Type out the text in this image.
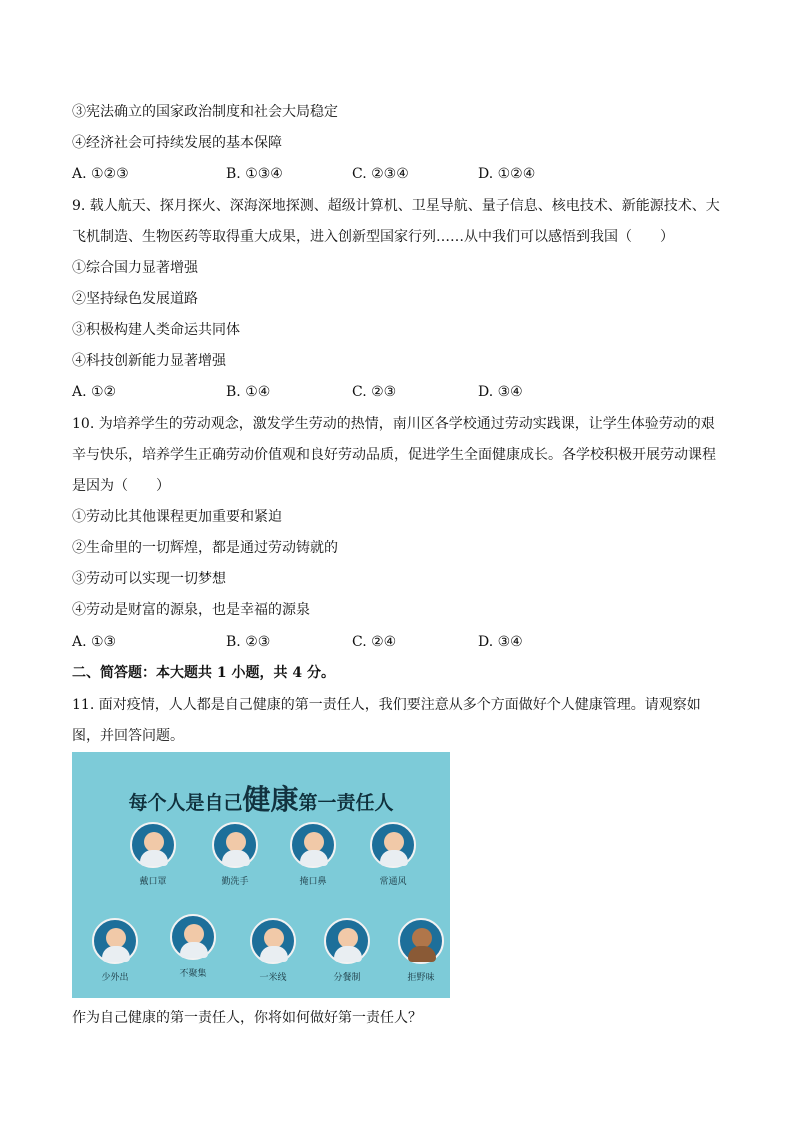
③宪法确立的国家政治制度和社会大局稳定
④经济社会可持续发展的基本保障
A. ①②③	B. ①③④	C. ②③④	D. ①②④
9. 载人航天、探月探火、深海深地探测、超级计算机、卫星导航、量子信息、核电技术、新能源技术、大
飞机制造、生物医药等取得重大成果，进入创新型国家行列……从中我们可以感悟到我国（　　）
①综合国力显著增强
②坚持绿色发展道路
③积极构建人类命运共同体
④科技创新能力显著增强
A. ①②	B. ①④	C. ②③	D. ③④
10. 为培养学生的劳动观念，激发学生劳动的热情，南川区各学校通过劳动实践课，让学生体验劳动的艰
辛与快乐，培养学生正确劳动价值观和良好劳动品质，促进学生全面健康成长。各学校积极开展劳动课程
是因为（　　）
①劳动比其他课程更加重要和紧迫
②生命里的一切辉煌，都是通过劳动铸就的
③劳动可以实现一切梦想
④劳动是财富的源泉，也是幸福的源泉
A. ①③	B. ②③	C. ②④	D. ③④
二、简答题：本大题共 1 小题，共 4 分。
11. 面对疫情，人人都是自己健康的第一责任人，我们要注意从多个方面做好个人健康管理。请观察如
图，并回答问题。
每个人是自己健康第一责任人
戴口罩	勤洗手	掩口鼻	常通风
少外出	不聚集	一米线	分餐制	拒野味
作为自己健康的第一责任人，你将如何做好第一责任人？
